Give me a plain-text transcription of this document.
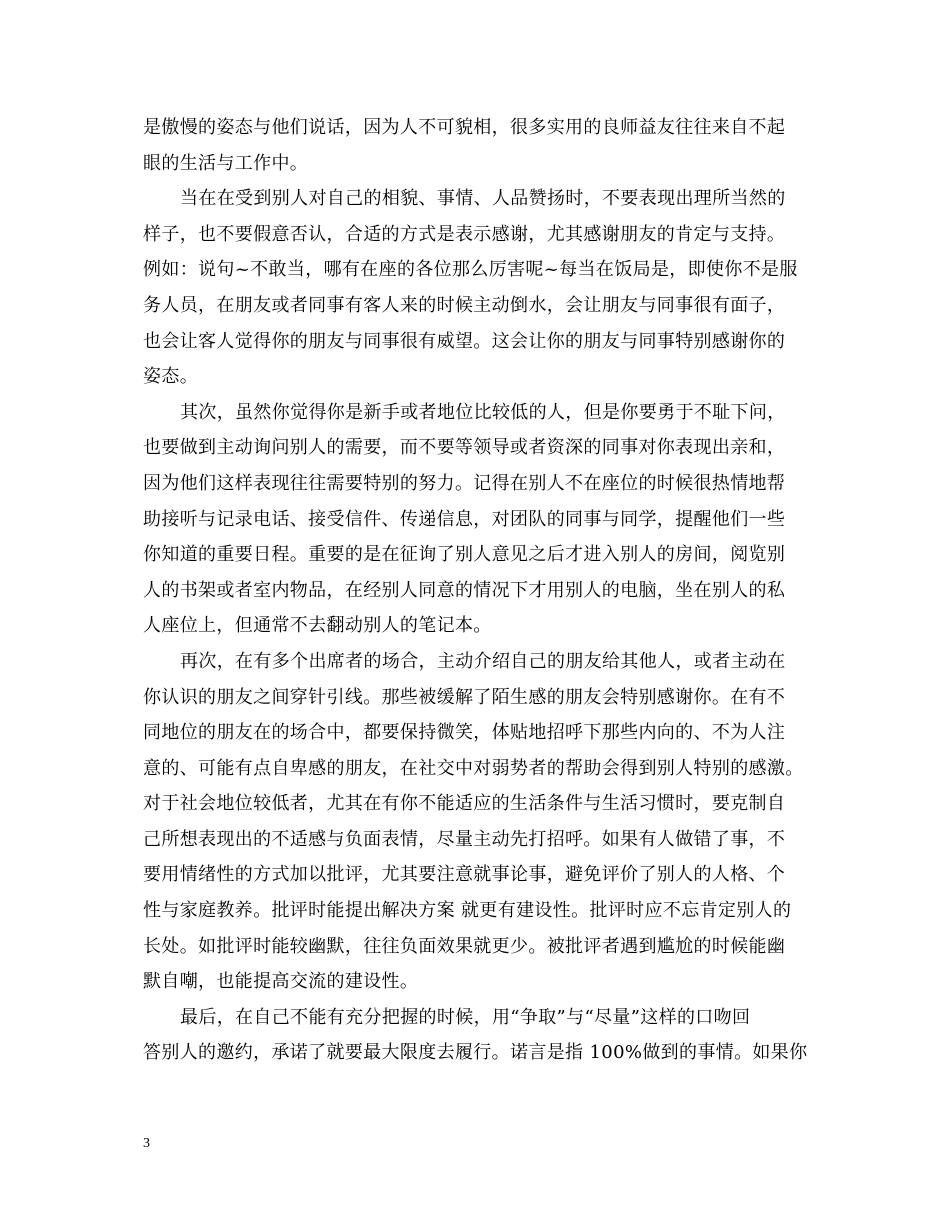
是傲慢的姿态与他们说话，因为人不可貌相，很多实用的良师益友往往来自不起
眼的生活与工作中。
当在在受到别人对自己的相貌、事情、人品赞扬时，不要表现出理所当然的
样子，也不要假意否认，合适的方式是表示感谢，尤其感谢朋友的肯定与支持。
例如：说句~不敢当，哪有在座的各位那么厉害呢~每当在饭局是，即使你不是服
务人员，在朋友或者同事有客人来的时候主动倒水，会让朋友与同事很有面子，
也会让客人觉得你的朋友与同事很有威望。这会让你的朋友与同事特别感谢你的
姿态。
其次，虽然你觉得你是新手或者地位比较低的人，但是你要勇于不耻下问，
也要做到主动询问别人的需要，而不要等领导或者资深的同事对你表现出亲和，
因为他们这样表现往往需要特别的努力。记得在别人不在座位的时候很热情地帮
助接听与记录电话、接受信件、传递信息，对团队的同事与同学，提醒他们一些
你知道的重要日程。重要的是在征询了别人意见之后才进入别人的房间，阅览别
人的书架或者室内物品，在经别人同意的情况下才用别人的电脑，坐在别人的私
人座位上，但通常不去翻动别人的笔记本。
再次，在有多个出席者的场合，主动介绍自己的朋友给其他人，或者主动在
你认识的朋友之间穿针引线。那些被缓解了陌生感的朋友会特别感谢你。在有不
同地位的朋友在的场合中，都要保持微笑，体贴地招呼下那些内向的、不为人注
意的、可能有点自卑感的朋友，在社交中对弱势者的帮助会得到别人特别的感激。
对于社会地位较低者，尤其在有你不能适应的生活条件与生活习惯时，要克制自
己所想表现出的不适感与负面表情，尽量主动先打招呼。如果有人做错了事，不
要用情绪性的方式加以批评，尤其要注意就事论事，避免评价了别人的人格、个
性与家庭教养。批评时能提出解决方案 就更有建设性。批评时应不忘肯定别人的
长处。如批评时能较幽默，往往负面效果就更少。被批评者遇到尴尬的时候能幽
默自嘲，也能提高交流的建设性。
最后，在自己不能有充分把握的时候，用“争取”与“尽量”这样的口吻回
答别人的邀约，承诺了就要最大限度去履行。诺言是指 100%做到的事情。如果你
3
